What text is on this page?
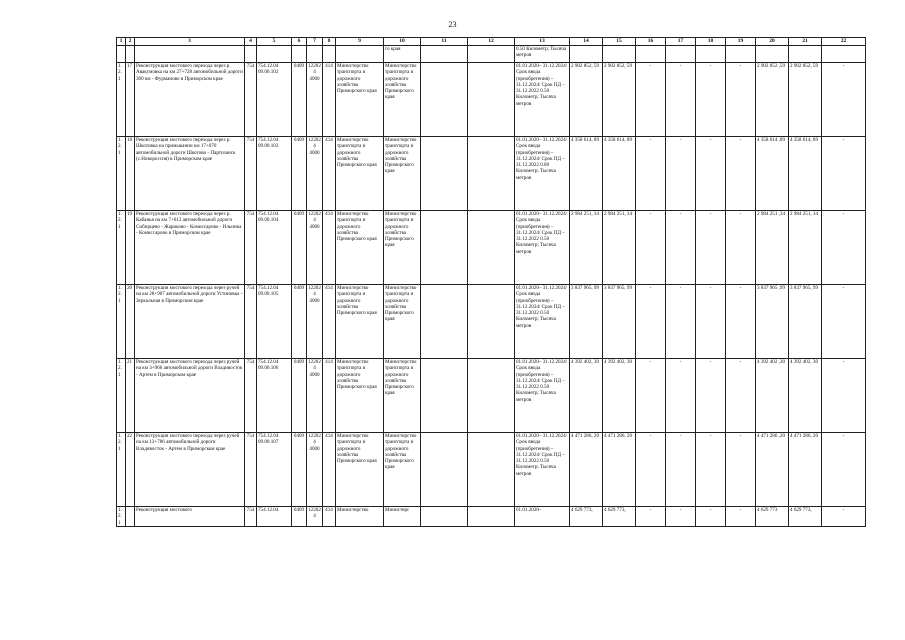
23
1	2	3	4	5	6	7	8	9	10	11	12	13	14	15	16	17	18	19	20	21	22
									го края			0.50 Километр; Тысяча метров									
1.2.1	17	Реконструкция мостового перехода через р. Авакумовка на км 27+728 автомобильной дороги 300 км - Фурманово в Приморском крае	754	754.12.04 09.00.102	0409	122024 4000	414	Министерство транспорта и дорожного хозяйства Приморского края	Министерство транспорта и дорожного хозяйства Приморского края			01.01.2020– 31.12.2024/ Срок ввода (приобретения) – 31.12.2024/ Срок ПД – 31.12.2022 0.50 Километр; Тысяча метров	2 902 852, 59	2 902 852, 59	-	-	-	-	2 902 852 ,59	2 902 852, 59	-
1.2.1	18	Реконструкция мостового перехода через р. Шкотовка на примыкании км 17+070 автомобильной дороги Шкотово - Партизанск (с.Новороссия) в Приморском крае	754	754.12.04 09.00.103	0409	122024 4000	414	Министерство транспорта и дорожного хозяйства Приморского края	Министерство транспорта и дорожного хозяйства Приморского края			01.01.2020– 31.12.2024/ Срок ввода (приобретения) – 31.12.2024/ Срок ПД – 31.12.2022 0.80 Километр; Тысяча метров	4 358 614, 89	4 358 614, 89	-	-	-	-	4 358 614 ,89	4 358 614, 89	-
1.2.1	19	Реконструкция мостового перехода через р. Кабанья на км 7+612 автомобильной дороги Сибирцево - Жариково - Комиссарово - Ильинка - Комиссарово в Приморском крае	754	754.12.04 09.00.104	0409	122024 4000	414	Министерство транспорта и дорожного хозяйства Приморского края	Министерство транспорта и дорожного хозяйства Приморского края			01.01.2020– 31.12.2024/ Срок ввода (приобретения) – 31.12.2024/ Срок ПД – 31.12.2022 0.50 Километр; Тысяча метров	2 984 251, 34	2 984 251, 34	-	-	-	-	2 984 251 ,34	2 984 251, 34	-
1.2.1	20	Реконструкция мостового перехода через ручей на км 28+907 автомобильной дороги Устиновка - Зеркальная в Приморском крае	754	754.12.04 09.00.105	0409	122024 4000	414	Министерство транспорта и дорожного хозяйства Приморского края	Министерство транспорта и дорожного хозяйства Приморского края			01.01.2020– 31.12.2024/ Срок ввода (приобретения) – 31.12.2024/ Срок ПД – 31.12.2022 0.50 Километр; Тысяча метров	3 837 965, 99	3 837 965, 99	-	-	-	-	3 837 965 ,99	3 837 965, 99	-
1.2.1	21	Реконструкция мостового перехода через ручей на км 3+966 автомобильной дороги Владивосток - Артем в Приморском крае	754	754.12.04 09.00.106	0409	122024 4000	414	Министерство транспорта и дорожного хозяйства Приморского края	Министерство транспорта и дорожного хозяйства Приморского края			01.01.2020– 31.12.2024/ Срок ввода (приобретения) – 31.12.2024/ Срок ПД – 31.12.2022 0.50 Километр; Тысяча метров	4 392 402, 30	4 392 402, 30	-	-	-	-	4 392 402 ,30	4 392 402, 30	-
1.2.1	22	Реконструкция мостового перехода через ручей на км 13+786 автомобильной дороги Владивосток - Артем в Приморском крае	754	754.12.04 09.00.107	0409	122024 4000	414	Министерство транспорта и дорожного хозяйства Приморского края	Министерство транспорта и дорожного хозяйства Приморского края			01.01.2020– 31.12.2024/ Срок ввода (приобретения) – 31.12.2024/ Срок ПД – 31.12.2022 0.50 Километр; Тысяча метров	4 471 286, 20	4 471 286, 20	-	-	-	-	4 471 286 ,20	4 471 286, 20	-
1.2.1		Реконструкция мостового	754	754.12.04	0409	122024	414	Министерство	Министерс			01.01.2020–	4 629 773,	4 629 773,	-	-	-	-	4 629 773	4 629 773,	-
